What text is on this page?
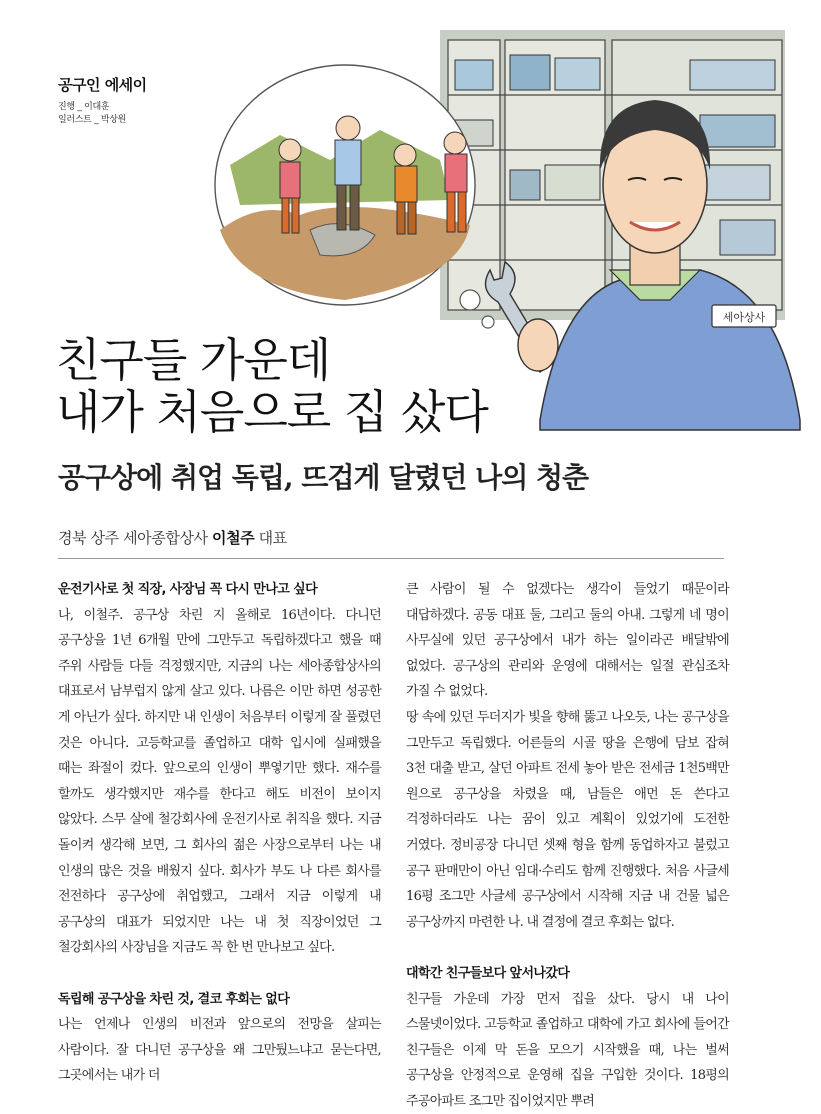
세아상사
공구인 에세이
진행 _ 이대훈
일러스트 _ 박상원
친구들 가운데
내가 처음으로 집 샀다
공구상에 취업 독립, 뜨겁게 달렸던 나의 청춘
경북 상주 세아종합상사 이철주 대표
운전기사로 첫 직장, 사장님 꼭 다시 만나고 싶다

나, 이철주. 공구상 차린 지 올해로 16년이다. 다니던 공구상을 1년 6개월 만에 그만두고 독립하겠다고 했을 때 주위 사람들 다들 걱정했지만, 지금의 나는 세아종합상사의 대표로서 남부럽지 않게 살고 있다. 나름은 이만 하면 성공한 게 아닌가 싶다. 하지만 내 인생이 처음부터 이렇게 잘 풀렸던 것은 아니다. 고등학교를 졸업하고 대학 입시에 실패했을 때는 좌절이 컸다. 앞으로의 인생이 뿌옇기만 했다. 재수를 할까도 생각했지만 재수를 한다고 해도 비전이 보이지 않았다. 스무 살에 철강회사에 운전기사로 취직을 했다. 지금 돌이켜 생각해 보면, 그 회사의 젊은 사장으로부터 나는 내 인생의 많은 것을 배웠지 싶다. 회사가 부도 나 다른 회사를 전전하다 공구상에 취업했고, 그래서 지금 이렇게 내 공구상의 대표가 되었지만 나는 내 첫 직장이었던 그 철강회사의 사장님을 지금도 꼭 한 번 만나보고 싶다.

독립해 공구상을 차린 것, 결코 후회는 없다

나는 언제나 인생의 비전과 앞으로의 전망을 살피는 사람이다. 잘 다니던 공구상을 왜 그만뒀느냐고 묻는다면, 그곳에서는 내가 더

큰 사람이 될 수 없겠다는 생각이 들었기 때문이라 대답하겠다. 공동 대표 둘, 그리고 둘의 아내. 그렇게 네 명이 사무실에 있던 공구상에서 내가 하는 일이라곤 배달밖에 없었다. 공구상의 관리와 운영에 대해서는 일절 관심조차 가질 수 없었다.

땅 속에 있던 두더지가 빛을 향해 뚫고 나오듯, 나는 공구상을 그만두고 독립했다. 어른들의 시골 땅을 은행에 담보 잡혀 3천 대출 받고, 살던 아파트 전세 놓아 받은 전세금 1천5백만 원으로 공구상을 차렸을 때, 남들은 애먼 돈 쓴다고 걱정하더라도 나는 꿈이 있고 계획이 있었기에 도전한 거였다. 정비공장 다니던 셋째 형을 함께 동업하자고 불렀고 공구 판매만이 아닌 임대·수리도 함께 진행했다. 처음 사글세 16평 조그만 사글세 공구상에서 시작해 지금 내 건물 넓은 공구상까지 마련한 나. 내 결정에 결코 후회는 없다.

대학간 친구들보다 앞서나갔다

친구들 가운데 가장 먼저 집을 샀다. 당시 내 나이 스물넷이었다. 고등학교 졸업하고 대학에 가고 회사에 들어간 친구들은 이제 막 돈을 모으기 시작했을 때, 나는 벌써 공구상을 안정적으로 운영해 집을 구입한 것이다. 18평의 주공아파트 조그만 집이었지만 뿌려
